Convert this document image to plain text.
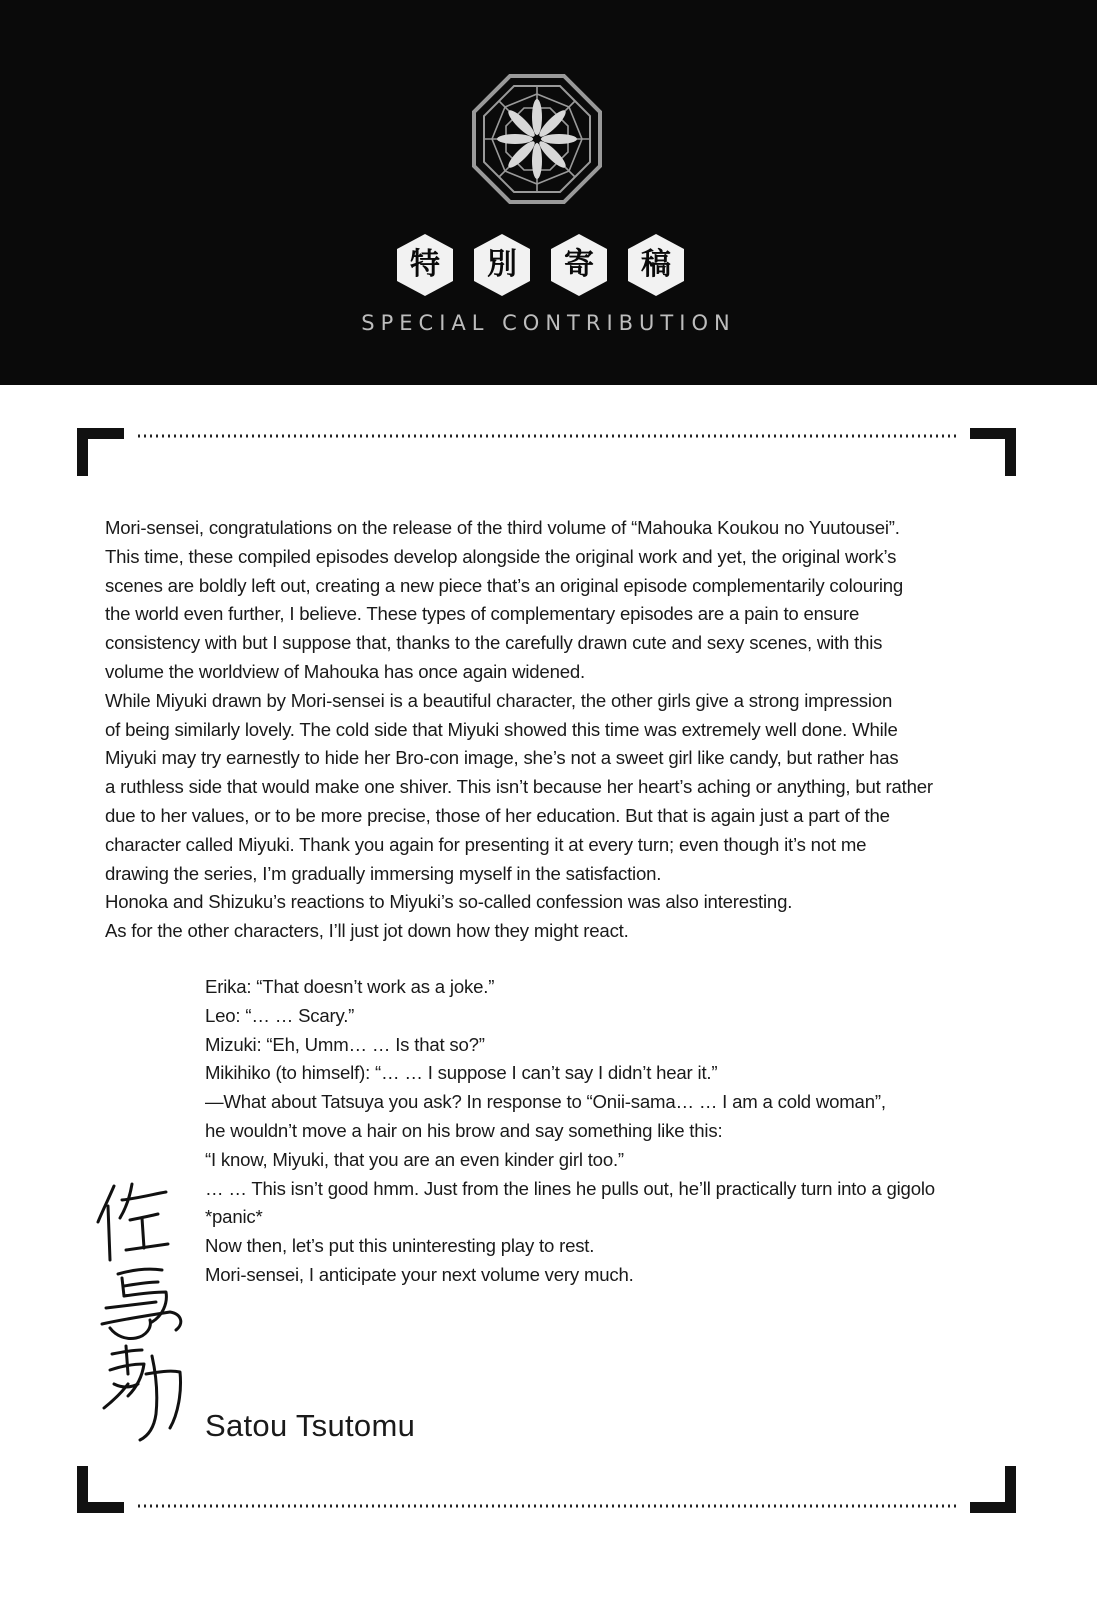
特	別	寄	稿
SPECIAL CONTRIBUTION
Mori-sensei, congratulations on the release of the third volume of “Mahouka Koukou no Yuutousei”.
This time, these compiled episodes develop alongside the original work and yet, the original work’s
scenes are boldly left out, creating a new piece that’s an original episode complementarily colouring
the world even further, I believe. These types of complementary episodes are a pain to ensure
consistency with but I suppose that, thanks to the carefully drawn cute and sexy scenes, with this
volume the worldview of Mahouka has once again widened.
While Miyuki drawn by Mori-sensei is a beautiful character, the other girls give a strong impression
of being similarly lovely. The cold side that Miyuki showed this time was extremely well done. While
Miyuki may try earnestly to hide her Bro-con image, she’s not a sweet girl like candy, but rather has
a ruthless side that would make one shiver. This isn’t because her heart’s aching or anything, but rather
due to her values, or to be more precise, those of her education. But that is again just a part of the
character called Miyuki. Thank you again for presenting it at every turn; even though it’s not me
drawing the series, I’m gradually immersing myself in the satisfaction.
Honoka and Shizuku’s reactions to Miyuki’s so-called confession was also interesting.
As for the other characters, I’ll just jot down how they might react.
Erika: “That doesn’t work as a joke.”
Leo: “… … Scary.”
Mizuki: “Eh, Umm… … Is that so?”
Mikihiko (to himself): “… … I suppose I can’t say I didn’t hear it.”
—What about Tatsuya you ask? In response to “Onii-sama… … I am a cold woman”,
he wouldn’t move a hair on his brow and say something like this:
“I know, Miyuki, that you are an even kinder girl too.”
… … This isn’t good hmm. Just from the lines he pulls out, he’ll practically turn into a gigolo
*panic*
Now then, let’s put this uninteresting play to rest.
Mori-sensei, I anticipate your next volume very much.
Satou Tsutomu
